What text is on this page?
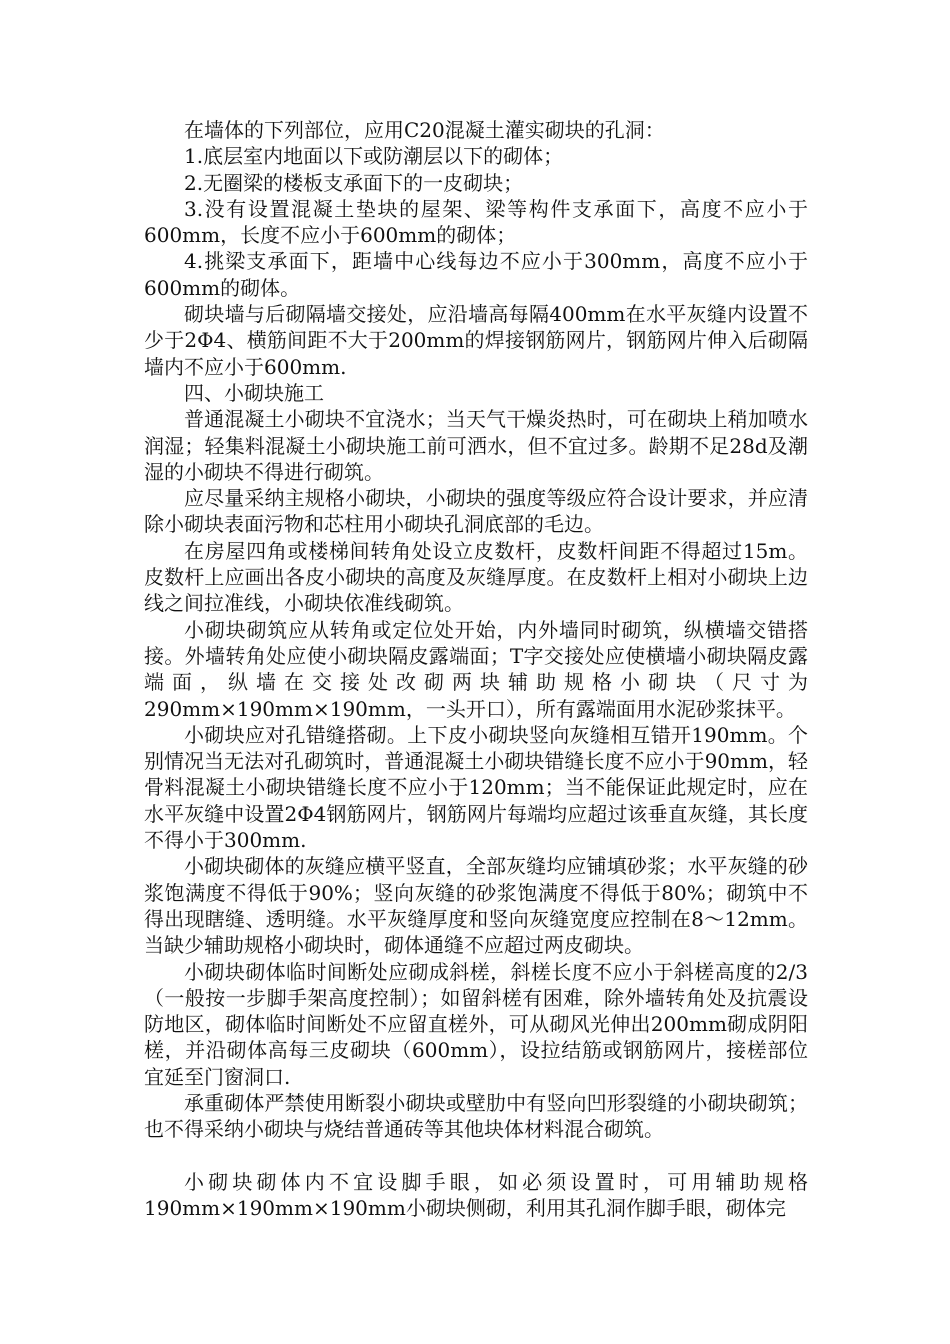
在墙体的下列部位，应用C20混凝土灌实砌块的孔洞：

1.底层室内地面以下或防潮层以下的砌体；

2.无圈梁的楼板支承面下的一皮砌块；

3.没有设置混凝土垫块的屋架、梁等构件支承面下，高度不应小于600mm，长度不应小于600mm的砌体；

4.挑梁支承面下，距墙中心线每边不应小于300mm，高度不应小于600mm的砌体。

砌块墙与后砌隔墙交接处，应沿墙高每隔400mm在水平灰缝内设置不少于2Φ4、横筋间距不大于200mm的焊接钢筋网片，钢筋网片伸入后砌隔墙内不应小于600mm.

四、小砌块施工

普通混凝土小砌块不宜浇水；当天气干燥炎热时，可在砌块上稍加喷水润湿；轻集料混凝土小砌块施工前可洒水，但不宜过多。龄期不足28d及潮湿的小砌块不得进行砌筑。

应尽量采纳主规格小砌块，小砌块的强度等级应符合设计要求，并应清除小砌块表面污物和芯柱用小砌块孔洞底部的毛边。

在房屋四角或楼梯间转角处设立皮数杆，皮数杆间距不得超过15m。皮数杆上应画出各皮小砌块的高度及灰缝厚度。在皮数杆上相对小砌块上边线之间拉准线，小砌块依准线砌筑。

小砌块砌筑应从转角或定位处开始，内外墙同时砌筑，纵横墙交错搭接。外墙转角处应使小砌块隔皮露端面；T字交接处应使横墙小砌块隔皮露端面，纵墙在交接处改砌两块辅助规格小砌块（尺寸为290mm×190mm×190mm，一头开口），所有露端面用水泥砂浆抹平。

小砌块应对孔错缝搭砌。上下皮小砌块竖向灰缝相互错开190mm。个别情况当无法对孔砌筑时，普通混凝土小砌块错缝长度不应小于90mm，轻骨料混凝土小砌块错缝长度不应小于120mm；当不能保证此规定时，应在水平灰缝中设置2Φ4钢筋网片，钢筋网片每端均应超过该垂直灰缝，其长度不得小于300mm.

小砌块砌体的灰缝应横平竖直，全部灰缝均应铺填砂浆；水平灰缝的砂浆饱满度不得低于90%；竖向灰缝的砂浆饱满度不得低于80%；砌筑中不得出现瞎缝、透明缝。水平灰缝厚度和竖向灰缝宽度应控制在8～12mm。当缺少辅助规格小砌块时，砌体通缝不应超过两皮砌块。

小砌块砌体临时间断处应砌成斜槎，斜槎长度不应小于斜槎高度的2/3（一般按一步脚手架高度控制）；如留斜槎有困难，除外墙转角处及抗震设防地区，砌体临时间断处不应留直槎外，可从砌风光伸出200mm砌成阴阳槎，并沿砌体高每三皮砌块（600mm），设拉结筋或钢筋网片，接槎部位宜延至门窗洞口.

承重砌体严禁使用断裂小砌块或壁肋中有竖向凹形裂缝的小砌块砌筑；也不得采纳小砌块与烧结普通砖等其他块体材料混合砌筑。

小砌块砌体内不宜设脚手眼，如必须设置时，可用辅助规格190mm×190mm×190mm小砌块侧砌，利用其孔洞作脚手眼，砌体完
